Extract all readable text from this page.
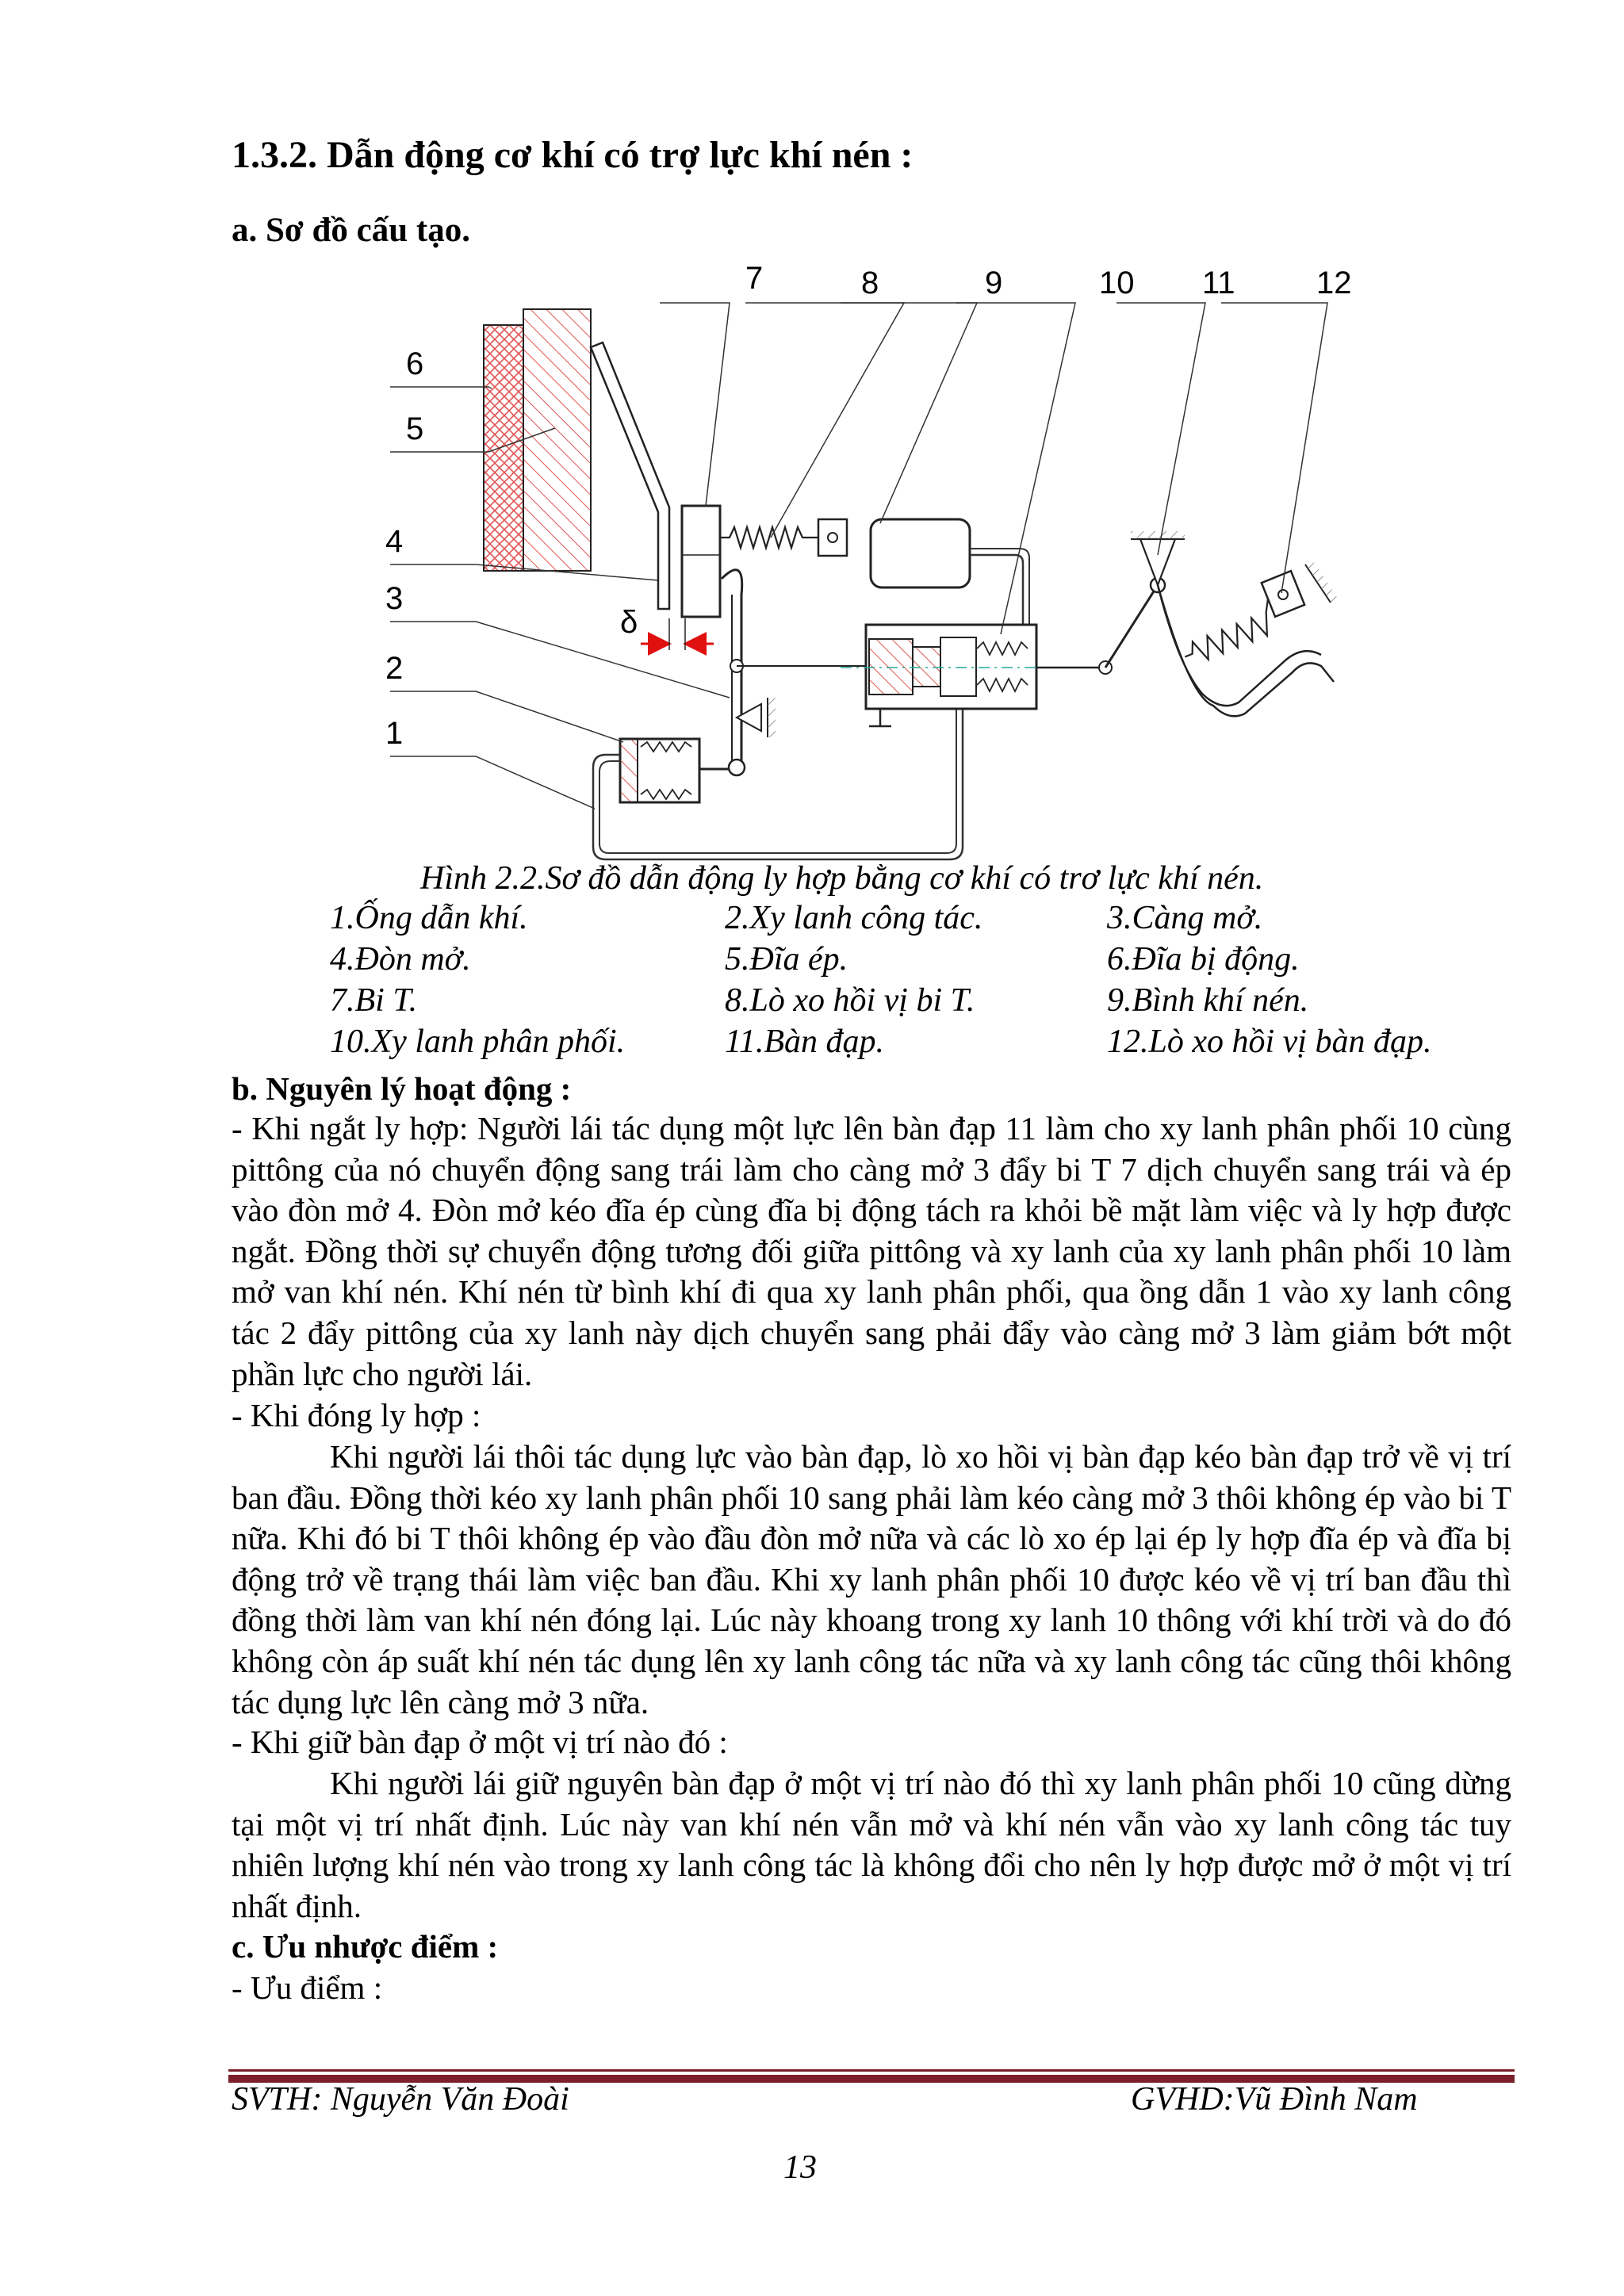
1.3.2. Dẫn động cơ khí có trợ lực khí nén :
a. Sơ đồ cấu tạo.
δ
6
5
4
3
2
1
7	8	9	10 11	12
Hình 2.2.Sơ đồ dẫn động ly hợp bằng cơ khí có trơ lực khí nén.
1.Ống dẫn khí.	2.Xy lanh công tác.	3.Càng mở.
4.Đòn mở.	5.Đĩa ép.	6.Đĩa bị động.
7.Bi T.	8.Lò xo hồi vị bi T.	9.Bình khí nén.
10.Xy lanh phân phối.	11.Bàn đạp.	12.Lò xo hồi vị bàn đạp.
b. Nguyên lý hoạt động :
- Khi ngắt ly hợp: Người lái tác dụng một lực lên bàn đạp 11 làm cho xy lanh phân phối 10 cùng pittông của nó chuyển động sang trái làm cho càng mở 3 đẩy bi T 7 dịch chuyển sang trái và ép vào đòn mở 4. Đòn mở kéo đĩa ép cùng đĩa bị động tách ra khỏi bề mặt làm việc và ly hợp được ngắt. Đồng thời sự chuyển động tương đối giữa pittông và xy lanh của xy lanh phân phối 10 làm mở van khí nén. Khí nén từ bình khí đi qua xy lanh phân phối, qua ồng dẫn 1 vào xy lanh công tác 2 đẩy pittông của xy lanh này dịch chuyển sang phải đẩy vào càng mở 3 làm giảm bớt một phần lực cho người lái.
- Khi đóng ly hợp :
Khi người lái thôi tác dụng lực vào bàn đạp, lò xo hồi vị bàn đạp kéo bàn đạp trở về vị trí ban đầu. Đồng thời kéo xy lanh phân phối 10 sang phải làm kéo càng mở 3 thôi không ép vào bi T nữa. Khi đó bi T thôi không ép vào đầu đòn mở nữa và các lò xo ép lại ép ly hợp đĩa ép và đĩa bị động trở về trạng thái làm việc ban đầu. Khi xy lanh phân phối 10 được kéo về vị trí ban đầu thì đồng thời làm van khí nén đóng lại. Lúc này khoang trong xy lanh 10 thông với khí trời và do đó không còn áp suất khí nén tác dụng lên xy lanh công tác nữa và xy lanh công tác cũng thôi không tác dụng lực lên càng mở 3 nữa.
- Khi giữ bàn đạp ở một vị trí nào đó :
Khi người lái giữ nguyên bàn đạp ở một vị trí nào đó thì xy lanh phân phối 10 cũng dừng tại một vị trí nhất định. Lúc này van khí nén vẫn mở và khí nén vẫn vào xy lanh công tác tuy nhiên lượng khí nén vào trong xy lanh công tác là không đổi cho nên ly hợp được mở ở một vị trí nhất định.
c. Ưu nhược điểm :
- Ưu điểm :
SVTH: Nguyễn Văn Đoài	GVHD:Vũ Đình Nam
13
